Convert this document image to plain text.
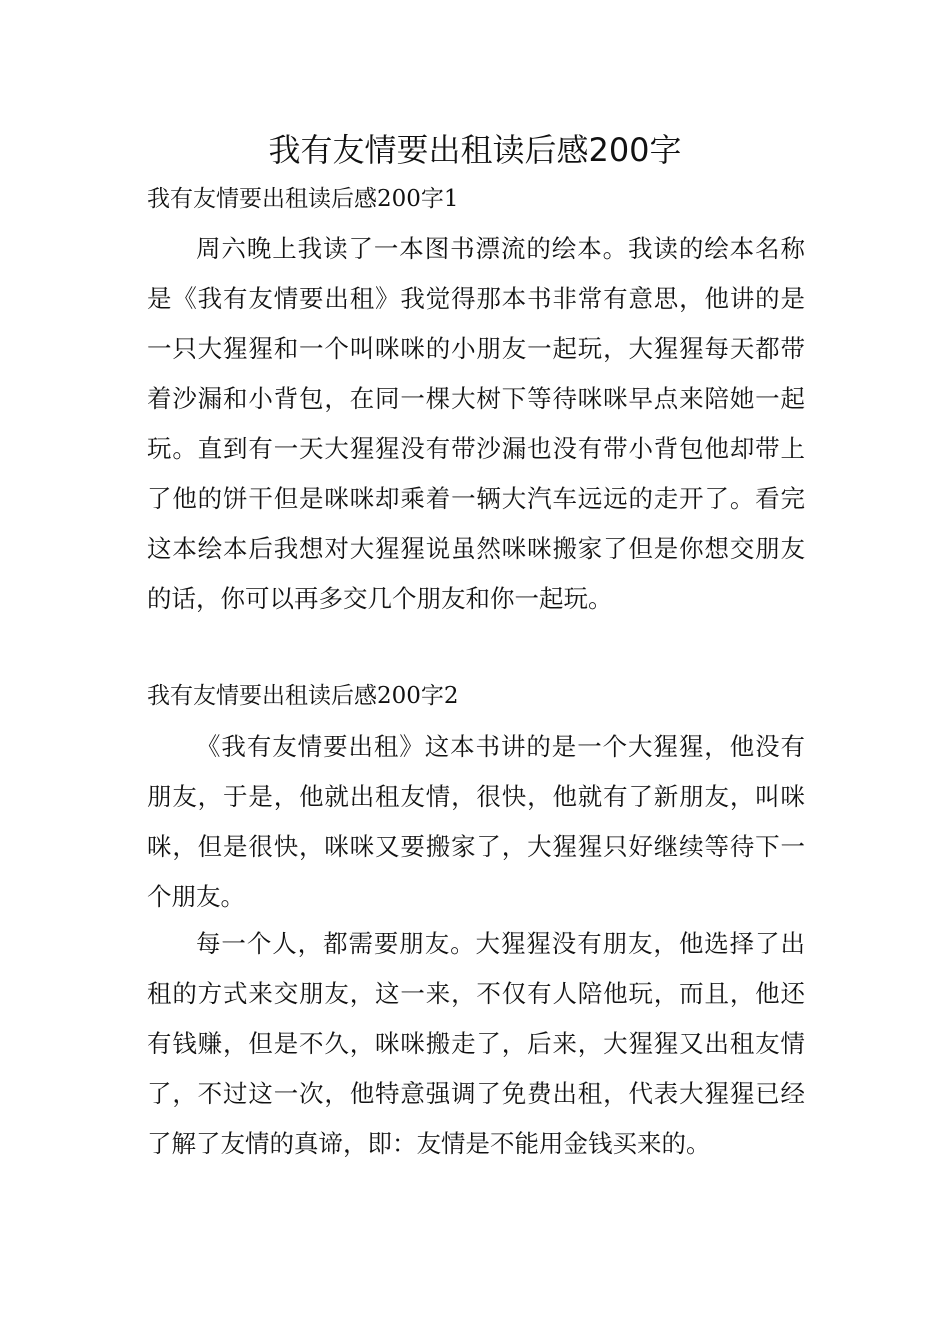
我有友情要出租读后感200字
我有友情要出租读后感200字1

周六晚上我读了一本图书漂流的绘本。我读的绘本名称是《我有友情要出租》我觉得那本书非常有意思，他讲的是一只大猩猩和一个叫咪咪的小朋友一起玩，大猩猩每天都带着沙漏和小背包，在同一棵大树下等待咪咪早点来陪她一起玩。直到有一天大猩猩没有带沙漏也没有带小背包他却带上了他的饼干但是咪咪却乘着一辆大汽车远远的走开了。看完这本绘本后我想对大猩猩说虽然咪咪搬家了但是你想交朋友的话，你可以再多交几个朋友和你一起玩。

我有友情要出租读后感200字2

《我有友情要出租》这本书讲的是一个大猩猩，他没有朋友，于是，他就出租友情，很快，他就有了新朋友，叫咪咪，但是很快，咪咪又要搬家了，大猩猩只好继续等待下一个朋友。

每一个人，都需要朋友。大猩猩没有朋友，他选择了出租的方式来交朋友，这一来，不仅有人陪他玩，而且，他还有钱赚，但是不久，咪咪搬走了，后来，大猩猩又出租友情了，不过这一次，他特意强调了免费出租，代表大猩猩已经了解了友情的真谛，即：友情是不能用金钱买来的。
